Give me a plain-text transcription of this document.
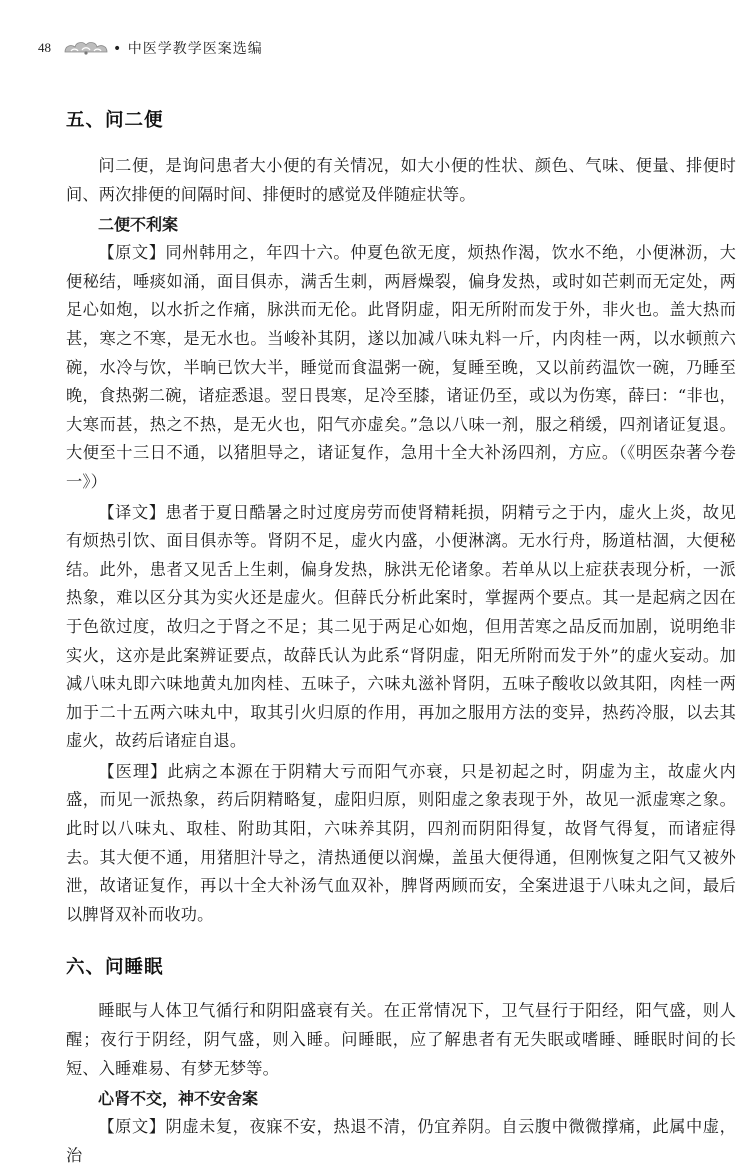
48	• 中医学教学医案选编
五、问二便

问二便，是询问患者大小便的有关情况，如大小便的性状、颜色、气味、便量、排便时间、两次排便的间隔时间、排便时的感觉及伴随症状等。

二便不利案

【原文】同州韩用之，年四十六。仲夏色欲无度，烦热作渴，饮水不绝，小便淋沥，大便秘结，唾痰如涌，面目俱赤，满舌生刺，两唇燥裂，偏身发热，或时如芒刺而无定处，两足心如炮，以水折之作痛，脉洪而无伦。此肾阴虚，阳无所附而发于外，非火也。盖大热而甚，寒之不寒，是无水也。当峻补其阴，遂以加减八味丸料一斤，内肉桂一两，以水顿煎六碗，水冷与饮，半晌已饮大半，睡觉而食温粥一碗，复睡至晚，又以前药温饮一碗，乃睡至晚，食热粥二碗，诸症悉退。翌日畏寒，足冷至膝，诸证仍至，或以为伤寒，薛曰：“非也，大寒而甚，热之不热，是无火也，阳气亦虚矣。”急以八味一剂，服之稍缓，四剂诸证复退。大便至十三日不通，以猪胆导之，诸证复作，急用十全大补汤四剂，方应。（《明医杂著今卷一》）

【译文】患者于夏日酷暑之时过度房劳而使肾精耗损，阴精亏之于内，虚火上炎，故见有烦热引饮、面目俱赤等。肾阴不足，虚火内盛，小便淋漓。无水行舟，肠道枯涸，大便秘结。此外，患者又见舌上生刺，偏身发热，脉洪无伦诸象。若单从以上症获表现分析，一派热象，难以区分其为实火还是虚火。但薛氏分析此案时，掌握两个要点。其一是起病之因在于色欲过度，故归之于肾之不足；其二见于两足心如炮，但用苦寒之品反而加剧，说明绝非实火，这亦是此案辨证要点，故薛氏认为此系“肾阴虚，阳无所附而发于外”的虚火妄动。加减八味丸即六味地黄丸加肉桂、五味子，六味丸滋补肾阴，五味子酸收以敛其阳，肉桂一两加于二十五两六味丸中，取其引火归原的作用，再加之服用方法的变异，热药冷服，以去其虚火，故药后诸症自退。

【医理】此病之本源在于阴精大亏而阳气亦衰，只是初起之时，阴虚为主，故虚火内盛，而见一派热象，药后阴精略复，虚阳归原，则阳虚之象表现于外，故见一派虚寒之象。此时以八味丸、取桂、附助其阳，六味养其阴，四剂而阴阳得复，故肾气得复，而诸症得去。其大便不通，用猪胆汁导之，清热通便以润燥，盖虽大便得通，但刚恢复之阳气又被外泄，故诸证复作，再以十全大补汤气血双补，脾肾两顾而安，全案进退于八味丸之间，最后以脾肾双补而收功。

六、问睡眠

睡眠与人体卫气循行和阴阳盛衰有关。在正常情况下，卫气昼行于阳经，阳气盛，则人醒；夜行于阴经，阴气盛，则入睡。问睡眠，应了解患者有无失眠或嗜睡、睡眠时间的长短、入睡难易、有梦无梦等。

心肾不交，神不安舍案

【原文】阴虚未复，夜寐不安，热退不清，仍宜养阴。自云腹中微微撑痛，此属中虚，治
